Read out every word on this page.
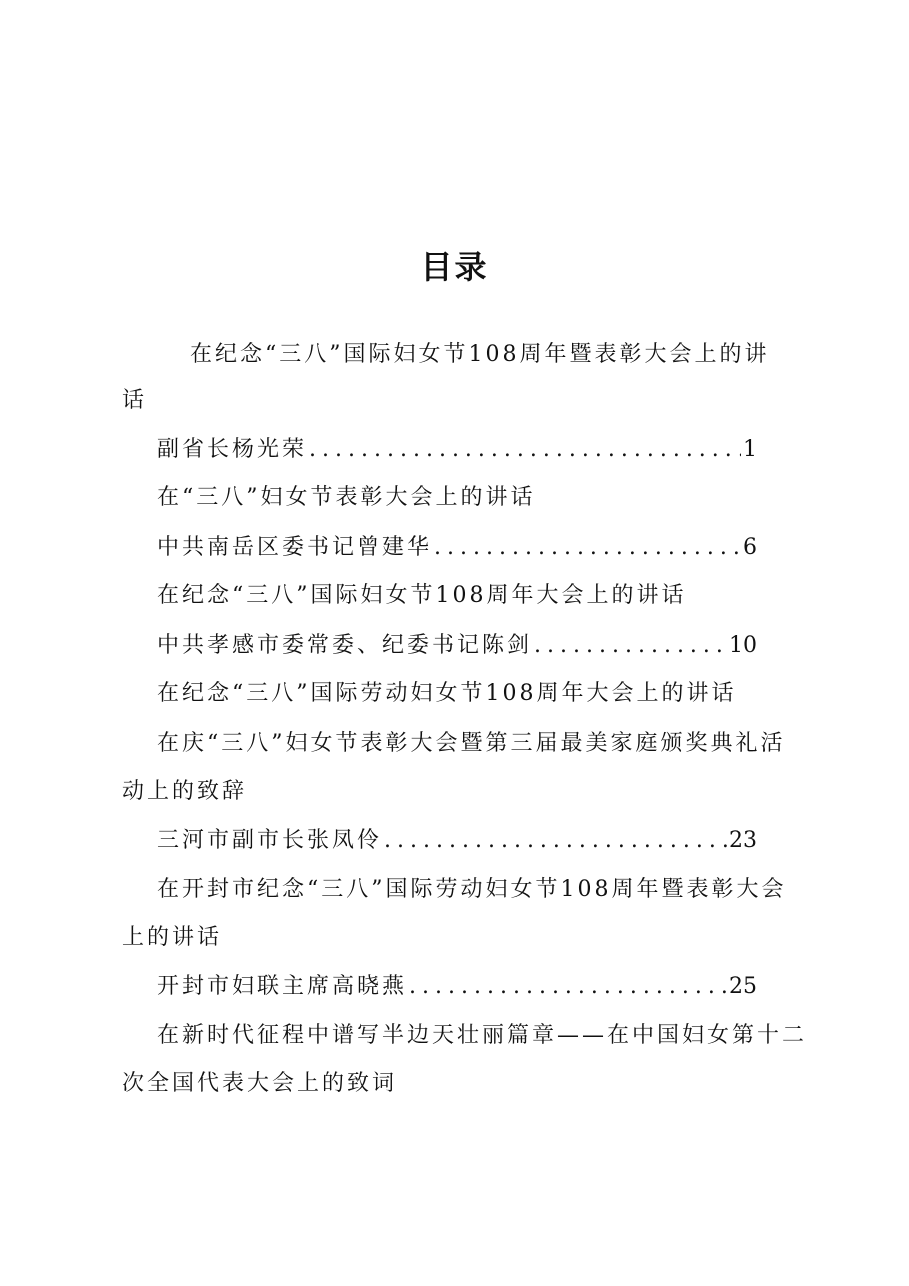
目录
在纪念“三八”国际妇女节108周年暨表彰大会上的讲
话
副省长杨光荣 .....	1
在“三八”妇女节表彰大会上的讲话
中共南岳区委书记曾建华 .....	6
在纪念“三八”国际妇女节108周年大会上的讲话
中共孝感市委常委、纪委书记陈剑 .....	10
在纪念“三八”国际劳动妇女节108周年大会上的讲话
在庆“三八”妇女节表彰大会暨第三届最美家庭颁奖典礼活
动上的致辞
三河市副市长张凤伶 .....	23
在开封市纪念“三八”国际劳动妇女节108周年暨表彰大会
上的讲话
开封市妇联主席高晓燕 .....	25
在新时代征程中谱写半边天壮丽篇章——在中国妇女第十二
次全国代表大会上的致词
